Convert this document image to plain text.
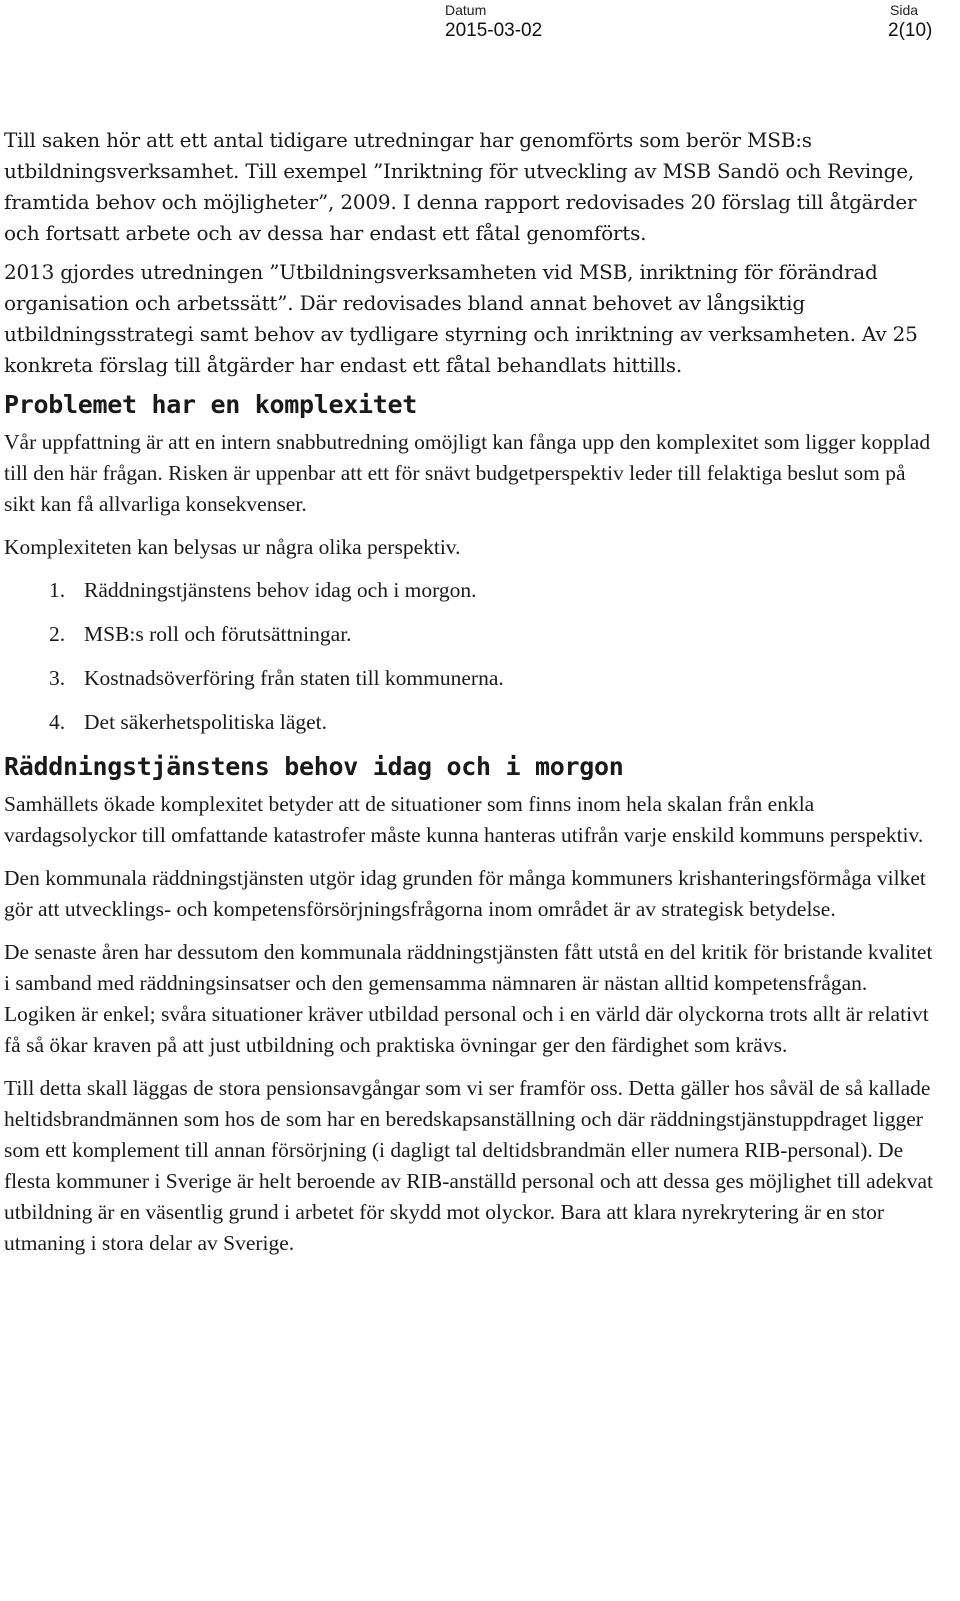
Datum
2015-03-02
Sida
2(10)

Till saken hör att ett antal tidigare utredningar har genomförts som berör MSB:s utbildningsverksamhet. Till exempel ”Inriktning för utveckling av MSB Sandö och Revinge, framtida behov och möjligheter”, 2009. I denna rapport redovisades 20 förslag till åtgärder och fortsatt arbete och av dessa har endast ett fåtal genomförts.

2013 gjordes utredningen ”Utbildningsverksamheten vid MSB, inriktning för förändrad organisation och arbetssätt”. Där redovisades bland annat behovet av långsiktig utbildningsstrategi samt behov av tydligare styrning och inriktning av verksamheten. Av 25 konkreta förslag till åtgärder har endast ett fåtal behandlats hittills.

Problemet har en komplexitet

Vår uppfattning är att en intern snabbutredning omöjligt kan fånga upp den komplexitet som ligger kopplad till den här frågan. Risken är uppenbar att ett för snävt budgetperspektiv leder till felaktiga beslut som på sikt kan få allvarliga konsekvenser.

Komplexiteten kan belysas ur några olika perspektiv.

1. Räddningstjänstens behov idag och i morgon.
2. MSB:s roll och förutsättningar.
3. Kostnadsöverföring från staten till kommunerna.
4. Det säkerhetspolitiska läget.
Räddningstjänstens behov idag och i morgon

Samhällets ökade komplexitet betyder att de situationer som finns inom hela skalan från enkla vardagsolyckor till omfattande katastrofer måste kunna hanteras utifrån varje enskild kommuns perspektiv.

Den kommunala räddningstjänsten utgör idag grunden för många kommuners krishanteringsförmåga vilket gör att utvecklings- och kompetensförsörjningsfrågorna inom området är av strategisk betydelse.

De senaste åren har dessutom den kommunala räddningstjänsten fått utstå en del kritik för bristande kvalitet i samband med räddningsinsatser och den gemensamma nämnaren är nästan alltid kompetensfrågan. Logiken är enkel; svåra situationer kräver utbildad personal och i en värld där olyckorna trots allt är relativt få så ökar kraven på att just utbildning och praktiska övningar ger den färdighet som krävs.

Till detta skall läggas de stora pensionsavgångar som vi ser framför oss. Detta gäller hos såväl de så kallade heltidsbrandmännen som hos de som har en beredskapsanställning och där räddningstjänstuppdraget ligger som ett komplement till annan försörjning (i dagligt tal deltidsbrandmän eller numera RIB-personal). De flesta kommuner i Sverige är helt beroende av RIB-anställd personal och att dessa ges möjlighet till adekvat utbildning är en väsentlig grund i arbetet för skydd mot olyckor. Bara att klara nyrekrytering är en stor utmaning i stora delar av Sverige.
